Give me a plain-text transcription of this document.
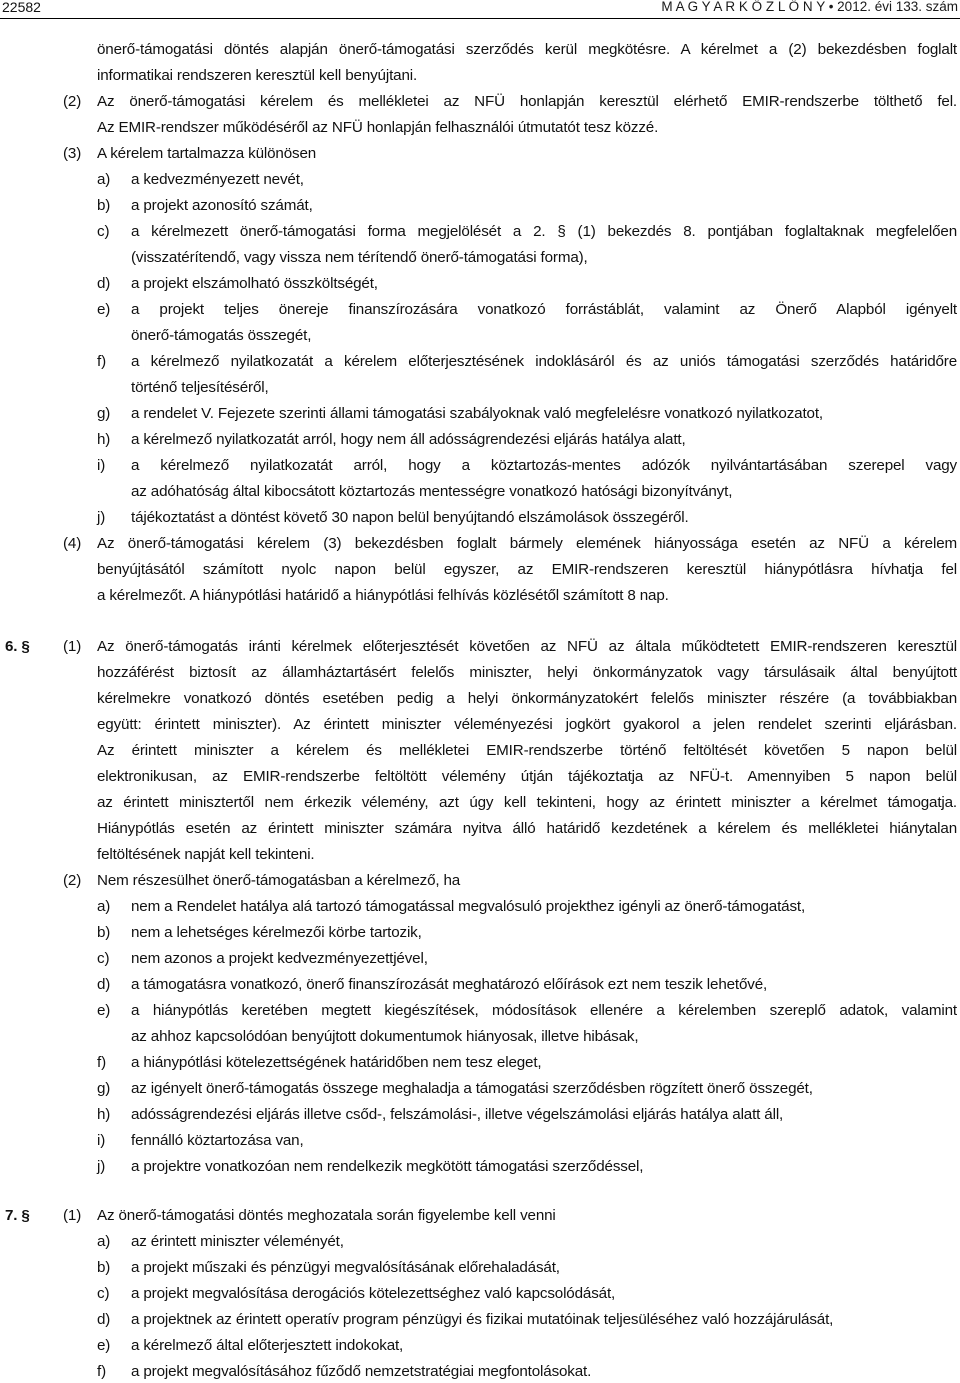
22582	M A G Y A R K Ö Z L Ö N Y • 2012. évi 133. szám
önerő-támogatási döntés alapján önerő-támogatási szerződés kerül megkötésre. A kérelmet a (2) bekezdésben foglalt
informatikai rendszeren keresztül kell benyújtani.
(2) Az önerő-támogatási kérelem és mellékletei az NFÜ honlapján keresztül elérhető EMIR-rendszerbe tölthető fel.
Az EMIR-rendszer működéséről az NFÜ honlapján felhasználói útmutatót tesz közzé.
(3) A kérelem tartalmazza különösen
a) a kedvezményezett nevét,
b) a projekt azonosító számát,
c) a kérelmezett önerő-támogatási forma megjelölését a 2. § (1) bekezdés 8. pontjában foglaltaknak megfelelően
(visszatérítendő, vagy vissza nem térítendő önerő-támogatási forma),
d) a projekt elszámolható összköltségét,
e) a projekt teljes önereje finanszírozására vonatkozó forrástáblát, valamint az Önerő Alapból igényelt
önerő-támogatás összegét,
f) a kérelmező nyilatkozatát a kérelem előterjesztésének indoklásáról és az uniós támogatási szerződés határidőre
történő teljesítéséről,
g) a rendelet V. Fejezete szerinti állami támogatási szabályoknak való megfelelésre vonatkozó nyilatkozatot,
h) a kérelmező nyilatkozatát arról, hogy nem áll adósságrendezési eljárás hatálya alatt,
i) a kérelmező nyilatkozatát arról, hogy a köztartozás-mentes adózók nyilvántartásában szerepel vagy
az adóhatóság által kibocsátott köztartozás mentességre vonatkozó hatósági bizonyítványt,
j) tájékoztatást a döntést követő 30 napon belül benyújtandó elszámolások összegéről.
(4) Az önerő-támogatási kérelem (3) bekezdésben foglalt bármely elemének hiányossága esetén az NFÜ a kérelem
benyújtásától számított nyolc napon belül egyszer, az EMIR-rendszeren keresztül hiánypótlásra hívhatja fel
a kérelmezőt. A hiánypótlási határidő a hiánypótlási felhívás közlésétől számított 8 nap.
6. § (1) Az önerő-támogatás iránti kérelmek előterjesztését követően az NFÜ az általa működtetett EMIR-rendszeren keresztül
hozzáférést biztosít az államháztartásért felelős miniszter, helyi önkormányzatok vagy társulásaik által benyújtott
kérelmekre vonatkozó döntés esetében pedig a helyi önkormányzatokért felelős miniszter részére (a továbbiakban
együtt: érintett miniszter). Az érintett miniszter véleményezési jogkört gyakorol a jelen rendelet szerinti eljárásban.
Az érintett miniszter a kérelem és mellékletei EMIR-rendszerbe történő feltöltését követően 5 napon belül
elektronikusan, az EMIR-rendszerbe feltöltött vélemény útján tájékoztatja az NFÜ-t. Amennyiben 5 napon belül
az érintett minisztertől nem érkezik vélemény, azt úgy kell tekinteni, hogy az érintett miniszter a kérelmet támogatja.
Hiánypótlás esetén az érintett miniszter számára nyitva álló határidő kezdetének a kérelem és mellékletei hiánytalan
feltöltésének napját kell tekinteni.
(2) Nem részesülhet önerő-támogatásban a kérelmező, ha
a) nem a Rendelet hatálya alá tartozó támogatással megvalósuló projekthez igényli az önerő-támogatást,
b) nem a lehetséges kérelmezői körbe tartozik,
c) nem azonos a projekt kedvezményezettjével,
d) a támogatásra vonatkozó, önerő finanszírozását meghatározó előírások ezt nem teszik lehetővé,
e) a hiánypótlás keretében megtett kiegészítések, módosítások ellenére a kérelemben szereplő adatok, valamint
az ahhoz kapcsolódóan benyújtott dokumentumok hiányosak, illetve hibásak,
f) a hiánypótlási kötelezettségének határidőben nem tesz eleget,
g) az igényelt önerő-támogatás összege meghaladja a támogatási szerződésben rögzített önerő összegét,
h) adósságrendezési eljárás illetve csőd-, felszámolási-, illetve végelszámolási eljárás hatálya alatt áll,
i) fennálló köztartozása van,
j) a projektre vonatkozóan nem rendelkezik megkötött támogatási szerződéssel,
7. § (1) Az önerő-támogatási döntés meghozatala során figyelembe kell venni
a) az érintett miniszter véleményét,
b) a projekt műszaki és pénzügyi megvalósításának előrehaladását,
c) a projekt megvalósítása derogációs kötelezettséghez való kapcsolódását,
d) a projektnek az érintett operatív program pénzügyi és fizikai mutatóinak teljesüléséhez való hozzájárulását,
e) a kérelmező által előterjesztett indokokat,
f) a projekt megvalósításához fűződő nemzetstratégiai megfontolásokat.
